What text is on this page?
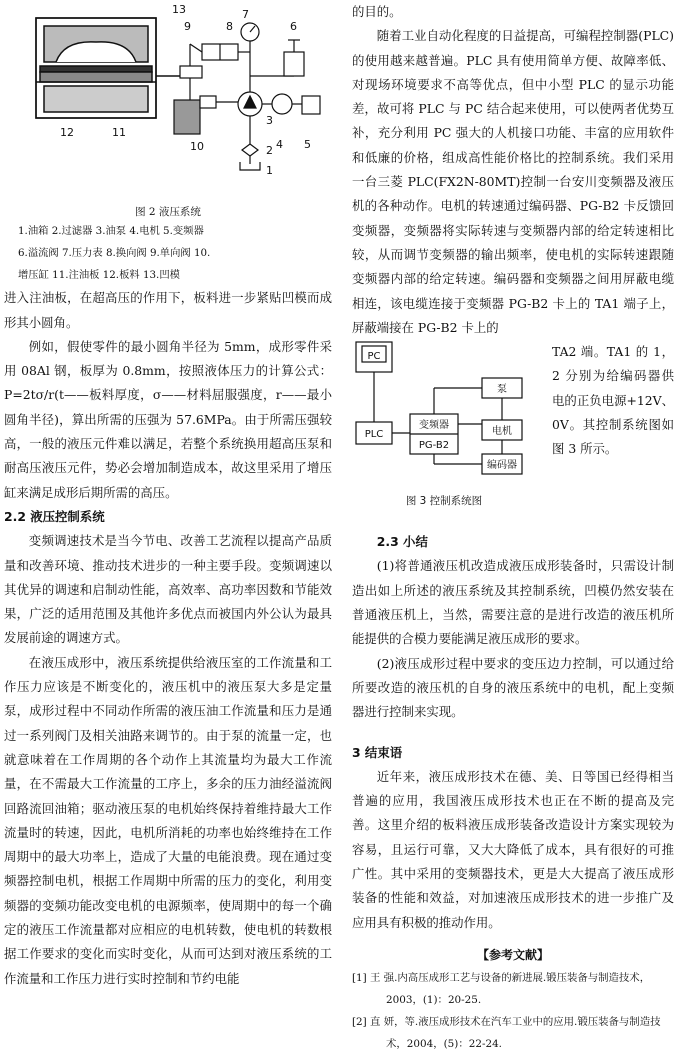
13
9	8
7
6
12	11
10
3
4 5
2
1

图 2 液压系统

1.油箱 2.过滤器 3.油泵 4.电机 5.变频器

6.溢流阀 7.压力表 8.换向阀 9.单向阀 10.

增压缸 11.注油板 12.板料 13.凹模

进入注油板，在超高压的作用下，板料进一步紧贴凹模而成形其小圆角。

例如，假使零件的最小圆角半径为 5mm，成形零件采用 08Al 钢，板厚为 0.8mm，按照液体压力的计算公式：P=2tσ/r(t——板料厚度，σ——材料屈服强度，r——最小圆角半径)，算出所需的压强为 57.6MPa。由于所需压强较高，一般的液压元件难以满足，若整个系统换用超高压泵和耐高压液压元件，势必会增加制造成本，故这里采用了增压缸来满足成形后期所需的高压。

2.2 液压控制系统

变频调速技术是当今节电、改善工艺流程以提高产品质量和改善环境、推动技术进步的一种主要手段。变频调速以其优异的调速和启制动性能，高效率、高功率因数和节能效果，广泛的适用范围及其他许多优点而被国内外公认为最具发展前途的调速方式。

在液压成形中，液压系统提供给液压室的工作流量和工作压力应该是不断变化的，液压机中的液压泵大多是定量泵，成形过程中不同动作所需的液压油工作流量和压力是通过一系列阀门及相关油路来调节的。由于泵的流量一定，也就意味着在工作周期的各个动作上其流量均为最大工作流量，在不需最大工作流量的工序上，多余的压力油经溢流阀回路流回油箱；驱动液压泵的电机始终保持着维持最大工作流量时的转速，因此，电机所消耗的功率也始终维持在工作周期中的最大功率上，造成了大量的电能浪费。现在通过变频器控制电机，根据工作周期中所需的压力的变化，利用变频器的变频功能改变电机的电源频率，使周期中的每一个确定的液压工作流量都对应相应的电机转数，使电机的转数根据工作要求的变化而实时变化，从而可达到对液压系统的工作流量和工作压力进行实时控制和节约电能

的目的。

随着工业自动化程度的日益提高，可编程控制器(PLC)的使用越来越普遍。PLC 具有使用简单方便、故障率低、对现场环境要求不高等优点，但中小型 PLC 的显示功能差，故可将 PLC 与 PC 结合起来使用，可以使两者优势互补，充分利用 PC 强大的人机接口功能、丰富的应用软件和低廉的价格，组成高性能价格比的控制系统。我们采用一台三菱 PLC(FX2N-80MT)控制一台安川变频器及液压机的各种动作。电机的转速通过编码器、PG-B2 卡反馈回变频器，变频器将实际转速与变频器内部的给定转速相比较，从而调节变频器的输出频率，使电机的实际转速跟随变频器内部的给定转速。编码器和变频器之间用屏蔽电缆相连，该电缆连接于变频器 PG-B2 卡上的 TA1 端子上，屏蔽端接在 PG-B2 卡上的

PC
PLC
变频器
PG-B2
泵
电机
编码器
图 3 控制系统图

TA2 端。TA1 的 1，2 分别为给编码器供电的正负电源+12V、0V。其控制系统图如图 3 所示。

2.3 小结

(1)将普通液压机改造成液压成形装备时，只需设计制造出如上所述的液压系统及其控制系统，凹模仍然安装在普通液压机上，当然，需要注意的是进行改造的液压机所能提供的合模力要能满足液压成形的要求。

(2)液压成形过程中要求的变压边力控制，可以通过给所要改造的液压机的自身的液压系统中的电机，配上变频器进行控制来实现。

3 结束语

近年来，液压成形技术在德、美、日等国已经得相当普遍的应用，我国液压成形技术也正在不断的提高及完善。这里介绍的板料液压成形装备改造设计方案实现较为容易，且运行可靠，又大大降低了成本，具有很好的可推广性。其中采用的变频器技术，更是大大提高了液压成形装备的性能和效益，对加速液压成形技术的进一步推广及应用具有积极的推动作用。

【参考文献】

[1] 王 强.内高压成形工艺与设备的新进展.锻压装备与制造技术，2003，(1)：20-25.

[2] 直 妍，等.液压成形技术在汽车工业中的应用.锻压装备与制造技术，2004，(5)：22-24.
